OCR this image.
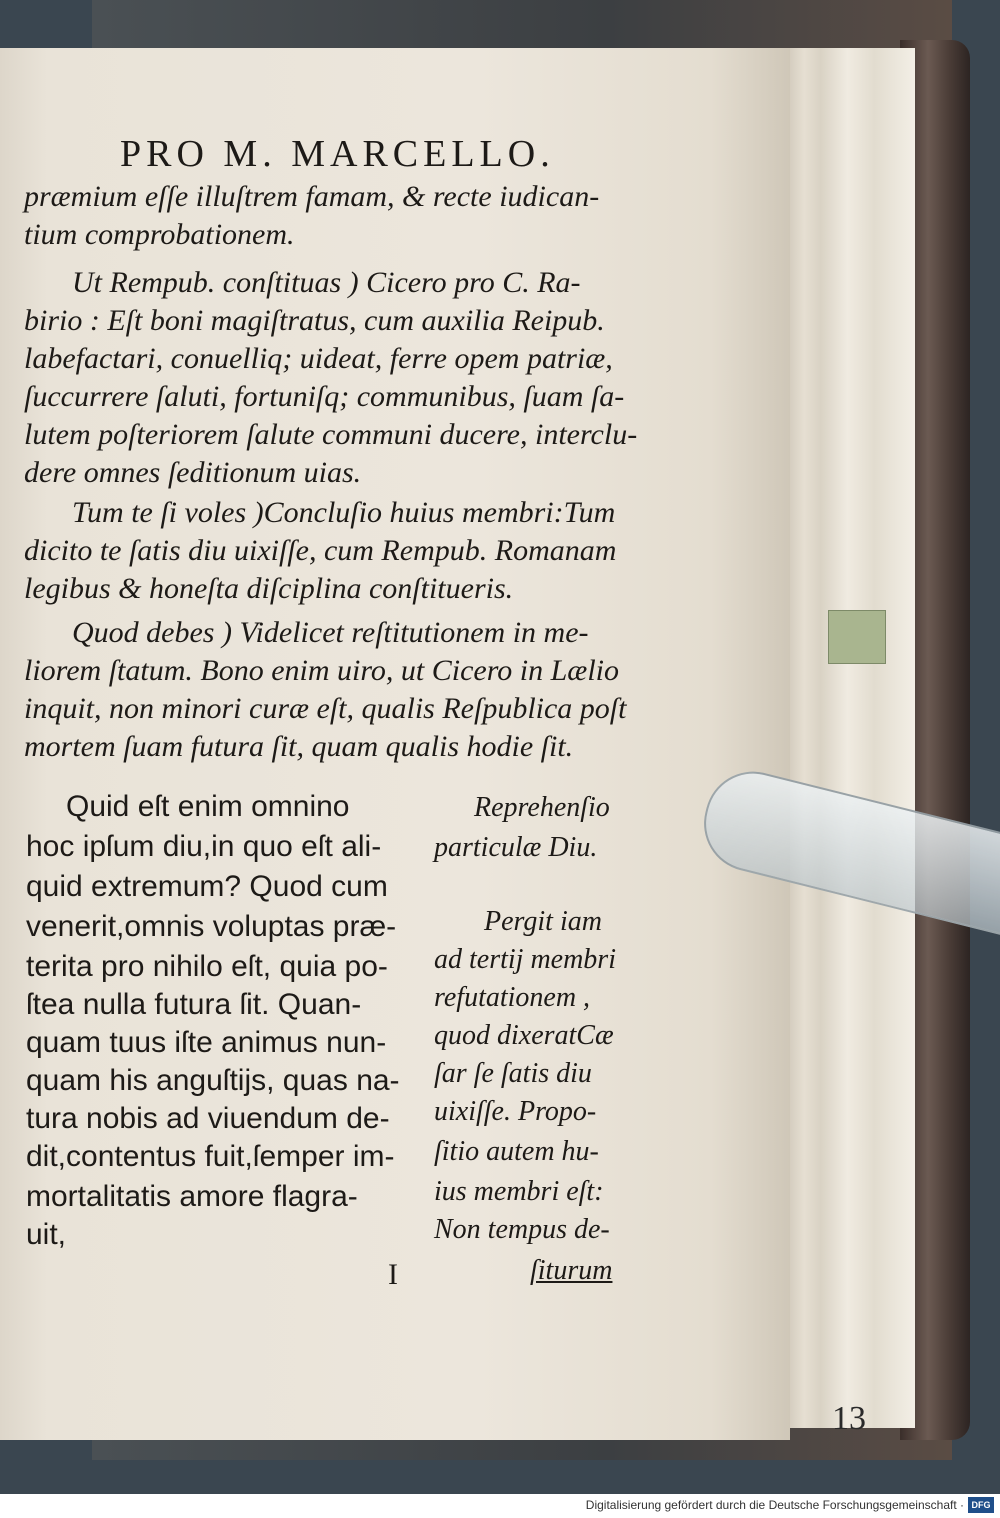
PRO M. MARCELLO.
præmium eſſe illuſtrem famam, & recte iudican-
tium comprobationem.
Ut Rempub. conſtituas ) Cicero pro C. Ra-
birio : Eſt boni magiſtratus, cum auxilia Reipub.
labefactari, conuelliq; uideat, ferre opem patriæ,
ſuccurrere ſaluti, fortuniſq; communibus, ſuam ſa-
lutem poſteriorem ſalute communi ducere, interclu-
dere omnes ſeditionum uias.
Tum te ſi voles )Concluſio huius membri:Tum
dicito te ſatis diu uixiſſe, cum Rempub. Romanam
legibus & honeſta diſciplina conſtitueris.
Quod debes ) Videlicet reſtitutionem in me-
liorem ſtatum. Bono enim uiro, ut Cicero in Lælio
inquit, non minori curæ eſt, qualis Reſpublica poſt
mortem ſuam futura ſit, quam qualis hodie ſit.
Quid eſt enim omnino
hoc ipſum diu,in quo eſt ali-
quid extremum? Quod cum
venerit,omnis voluptas præ-
terita pro nihilo eſt, quia po-
ſtea nulla futura ſit. Quan-
quam tuus iſte animus nun-
quam his anguſtijs, quas na-
tura nobis ad viuendum de-
dit,contentus fuit,ſemper im-
mortalitatis amore flagra-
uit,
Reprehenſio
particulæ Diu.
Pergit iam
ad tertij membri
refutationem ,
quod dixeratCæ
ſar ſe ſatis diu
uixiſſe. Propo-
ſitio autem hu-
ius membri eſt:
Non tempus de-
I	ſiturum
13
Digitalisierung gefördert durch die Deutsche Forschungsgemeinschaft · DFG
